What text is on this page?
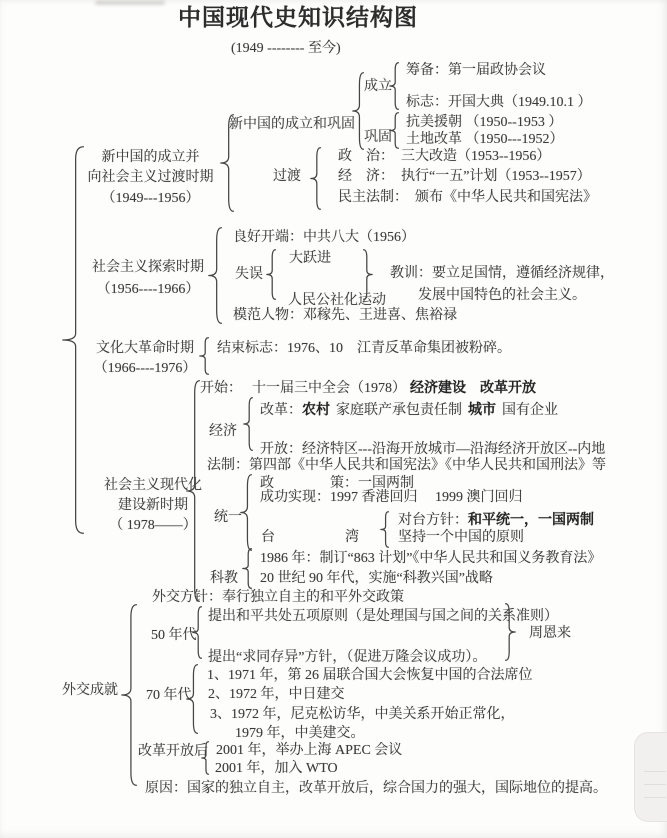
中国现代史知识结构图
(1949 -------- 至今)
新中国的成立并
向社会主义过渡时期
（1949---1956）
新中国的成立和巩固
成立
筹备：第一届政协会议
标志：开国大典（1949.10.1 ）
巩固
抗美援朝 （1950--1953 ）
土地改革 （1950---1952）
过渡
政　治：　三大改造（1953--1956）
经　济：　执行“一五”计划（1953--1957）
民主法制：　颁布《中华人民共和国宪法》
社会主义探索时期
（1956----1966）
良好开端：中共八大（1956）
失误
大跃进
人民公社化运动
教训：要立足国情，遵循经济规律，
发展中国特色的社会主义。
模范人物：邓稼先、王进喜、焦裕禄
文化大革命时期
（1966----1976）
结束标志：1976、10　江青反革命集团被粉碎。
社会主义现代化
建设新时期
（ 1978——）
开始： 十一届三中全会（1978） 经济建设　改革开放
经济
改革：农村 家庭联产承包责任制 城市 国有企业
开放：经济特区---沿海开放城市—沿海经济开放区--内地
法制：第四部《中华人民共和国宪法》《中华人民共和国刑法》等
统一
政　　　　策：一国两制
成功实现：1997 香港回归　 1999 澳门回归
台　　　　　湾
对台方针：和平统一，一国两制
坚持一个中国的原则
科教
1986 年：制订“863 计划”《中华人民共和国义务教育法》
20 世纪 90 年代，实施“科教兴国”战略
外交方针：奉行独立自主的和平外交政策
外交成就
50 年代
提出和平共处五项原则（是处理国与国之间的关系准则）
提出“求同存异”方针，（促进万隆会议成功）。
周恩来
70 年代
1、1971 年，第 26 届联合国大会恢复中国的合法席位
2、1972 年，中日建交
3、1972 年，尼克松访华，中美关系开始正常化，
1979 年，中美建交。
改革开放后 2001 年，举办上海 APEC 会议
2001 年，加入 WTO
原因：国家的独立自主，改革开放后，综合国力的强大，国际地位的提高。
